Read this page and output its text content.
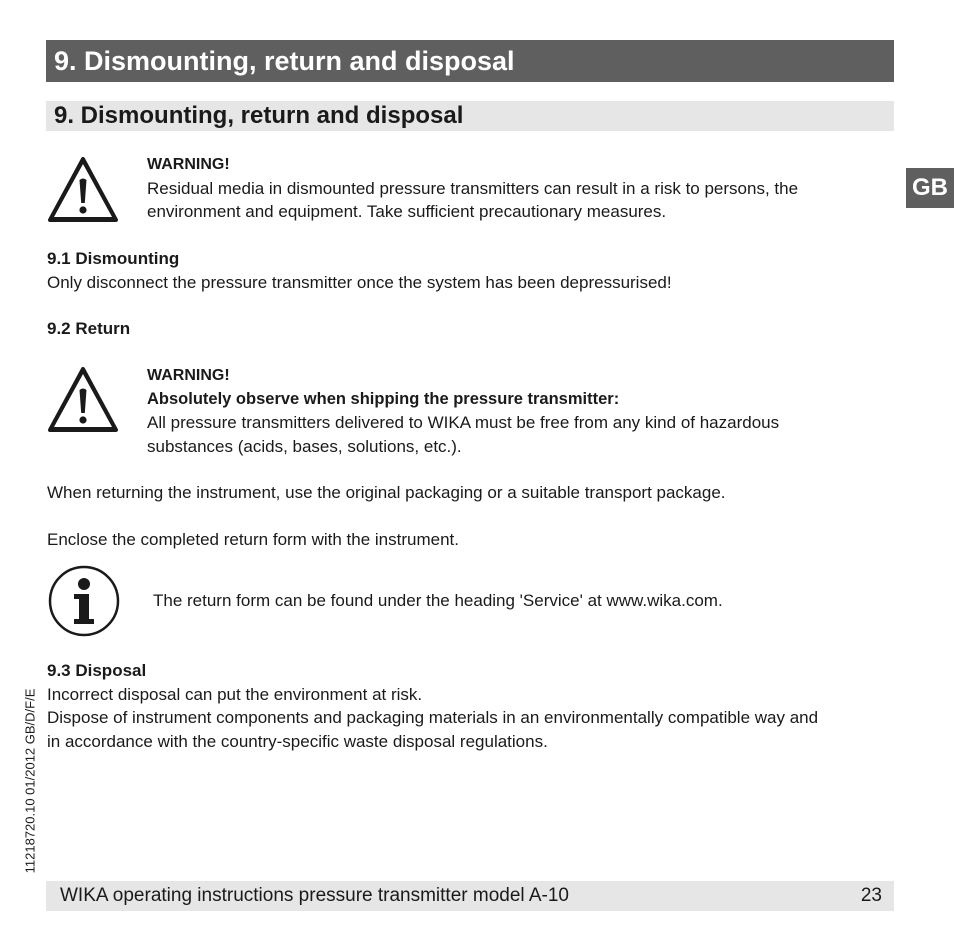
9. Dismounting, return and disposal
9. Dismounting, return and disposal
GB
WARNING!
Residual media in dismounted pressure transmitters can result in a risk to persons, the
environment and equipment. Take sufficient precautionary measures.
9.1 Dismounting
Only disconnect the pressure transmitter once the system has been depressurised!
9.2 Return
WARNING!
Absolutely observe when shipping the pressure transmitter:
All pressure transmitters delivered to WIKA must be free from any kind of hazardous
substances (acids, bases, solutions, etc.).
When returning the instrument, use the original packaging or a suitable transport package.
Enclose the completed return form with the instrument.
The return form can be found under the heading 'Service' at www.wika.com.
9.3 Disposal
Incorrect disposal can put the environment at risk.
Dispose of instrument components and packaging materials in an environmentally compatible way and
in accordance with the country-specific waste disposal regulations.
11218720.10 01/2012 GB/D/F/E
WIKA operating instructions pressure transmitter model A-10	23
